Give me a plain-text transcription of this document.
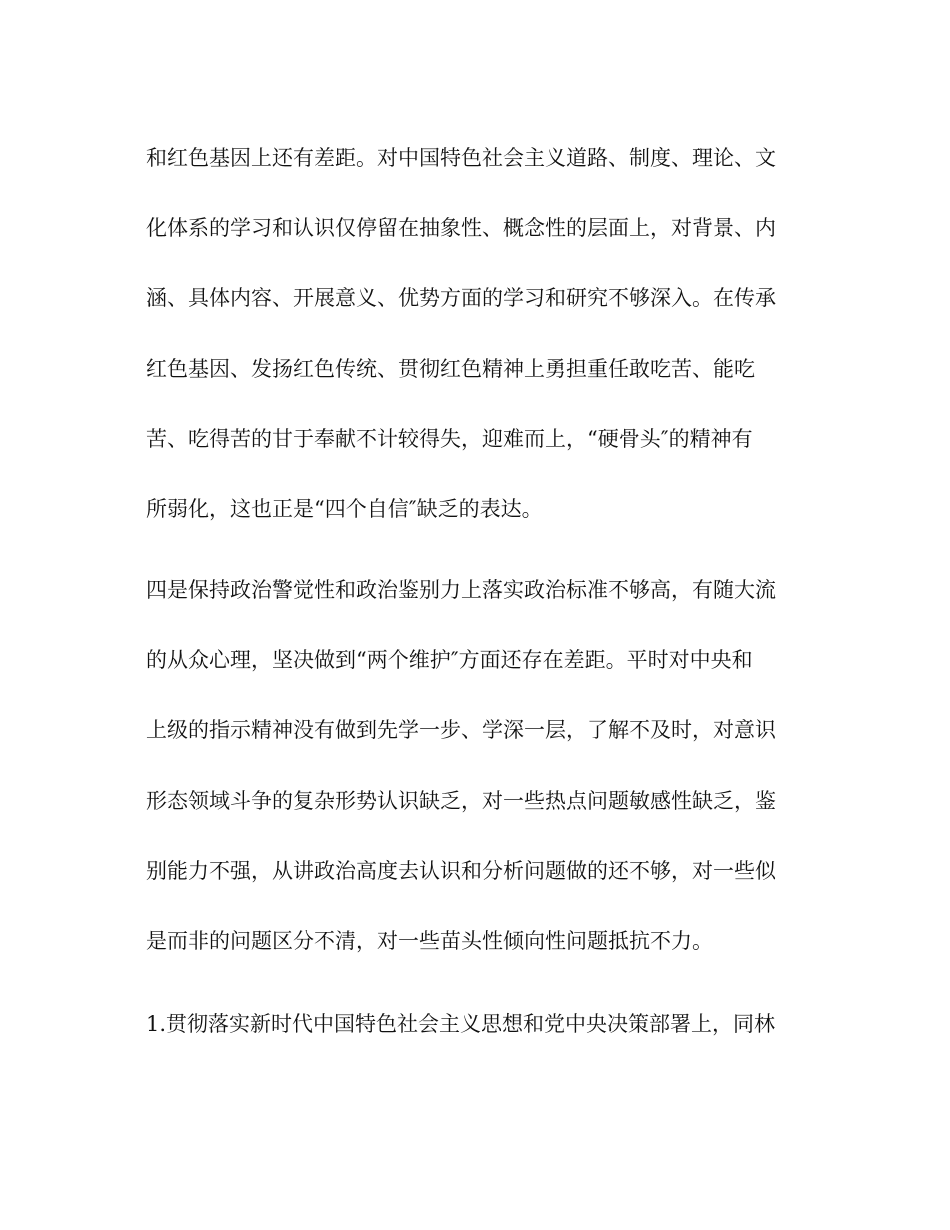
和红色基因上还有差距。对中国特色社会主义道路、制度、理论、文
化体系的学习和认识仅停留在抽象性、概念性的层面上，对背景、内
涵、具体内容、开展意义、优势方面的学习和研究不够深入。在传承
红色基因、发扬红色传统、贯彻红色精神上勇担重任敢吃苦、能吃
苦、吃得苦的甘于奉献不计较得失，迎难而上，“硬骨头″的精神有
所弱化，这也正是“四个自信″缺乏的表达。
四是保持政治警觉性和政治鉴别力上落实政治标准不够高，有随大流
的从众心理，坚决做到“两个维护″方面还存在差距。平时对中央和
上级的指示精神没有做到先学一步、学深一层，了解不及时，对意识
形态领域斗争的复杂形势认识缺乏，对一些热点问题敏感性缺乏，鉴
别能力不强，从讲政治高度去认识和分析问题做的还不够，对一些似
是而非的问题区分不清，对一些苗头性倾向性问题抵抗不力。
1.贯彻落实新时代中国特色社会主义思想和党中央决策部署上，同林
